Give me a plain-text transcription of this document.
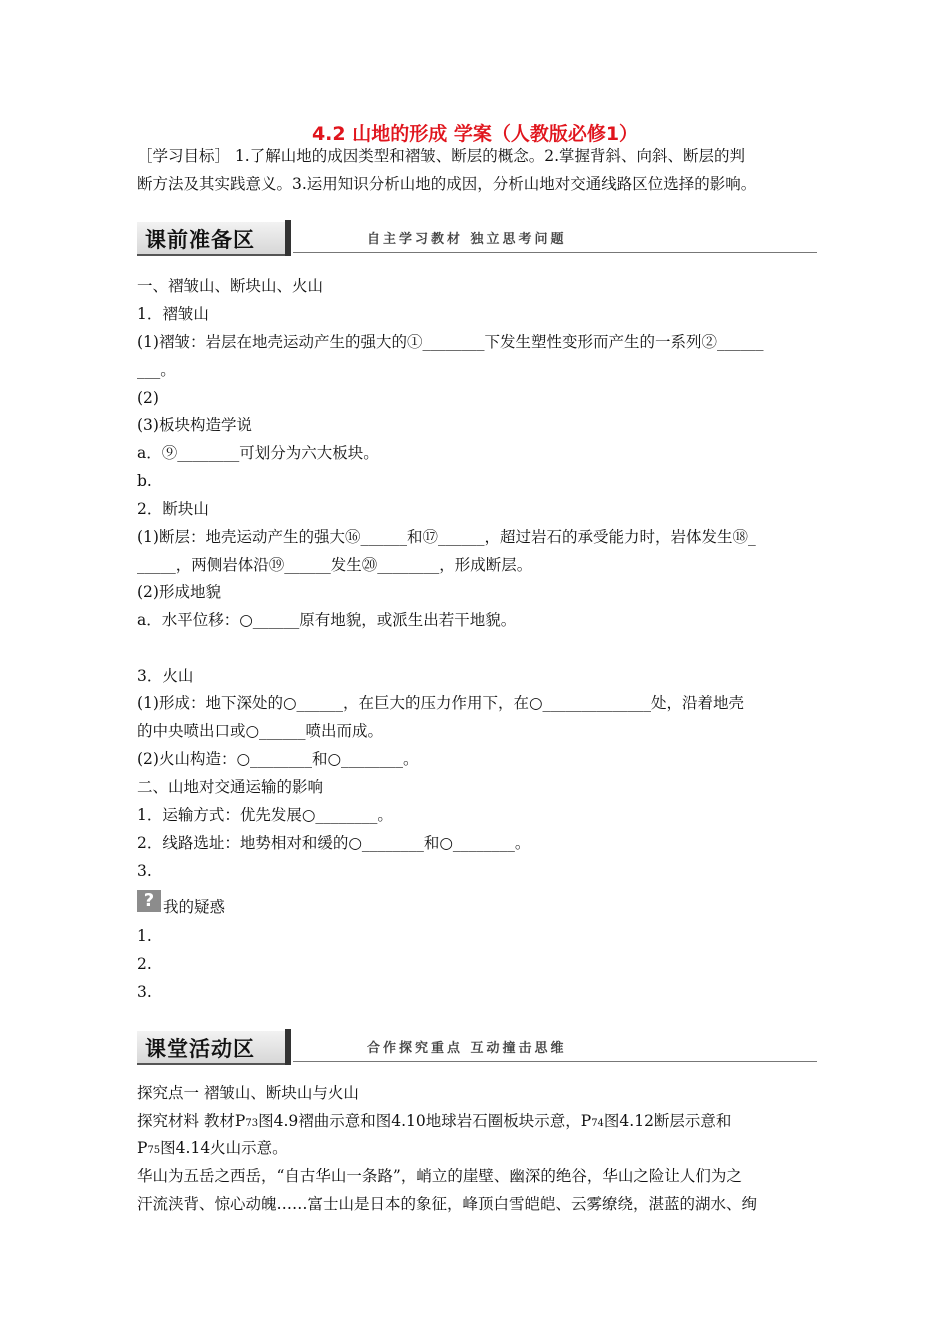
4.2 山地的形成 学案（人教版必修1）
［学习目标］ 1.了解山地的成因类型和褶皱、断层的概念。2.掌握背斜、向斜、断层的判
断方法及其实践意义。3.运用知识分析山地的成因，分析山地对交通线路区位选择的影响。
课前准备区	自主学习教材 独立思考问题
一、褶皱山、断块山、火山
1．褶皱山
(1)褶皱：岩层在地壳运动产生的强大的①________下发生塑性变形而产生的一系列②______
___。
(2)
(3)板块构造学说
a．⑨________可划分为六大板块。
b.
2．断块山
(1)断层：地壳运动产生的强大⑯______和⑰______，超过岩石的承受能力时，岩体发生⑱_
_____，两侧岩体沿⑲______发生⑳________，形成断层。
(2)形成地貌
a．水平位移：○______原有地貌，或派生出若干地貌。
3．火山
(1)形成：地下深处的○______，在巨大的压力作用下，在○______________处，沿着地壳
的中央喷出口或○______喷出而成。
(2)火山构造：○________和○________。
二、山地对交通运输的影响
1．运输方式：优先发展○________。
2．线路选址：地势相对和缓的○________和○________。
3.
? 我的疑惑
1.
2.
3.
课堂活动区	合作探究重点 互动撞击思维
探究点一 褶皱山、断块山与火山
探究材料 教材P73图4.9褶曲示意和图4.10地球岩石圈板块示意，P74图4.12断层示意和
P75图4.14火山示意。
华山为五岳之西岳，“自古华山一条路”，峭立的崖壁、幽深的绝谷，华山之险让人们为之
汗流浃背、惊心动魄……富士山是日本的象征，峰顶白雪皑皑、云雾缭绕，湛蓝的湖水、绚
